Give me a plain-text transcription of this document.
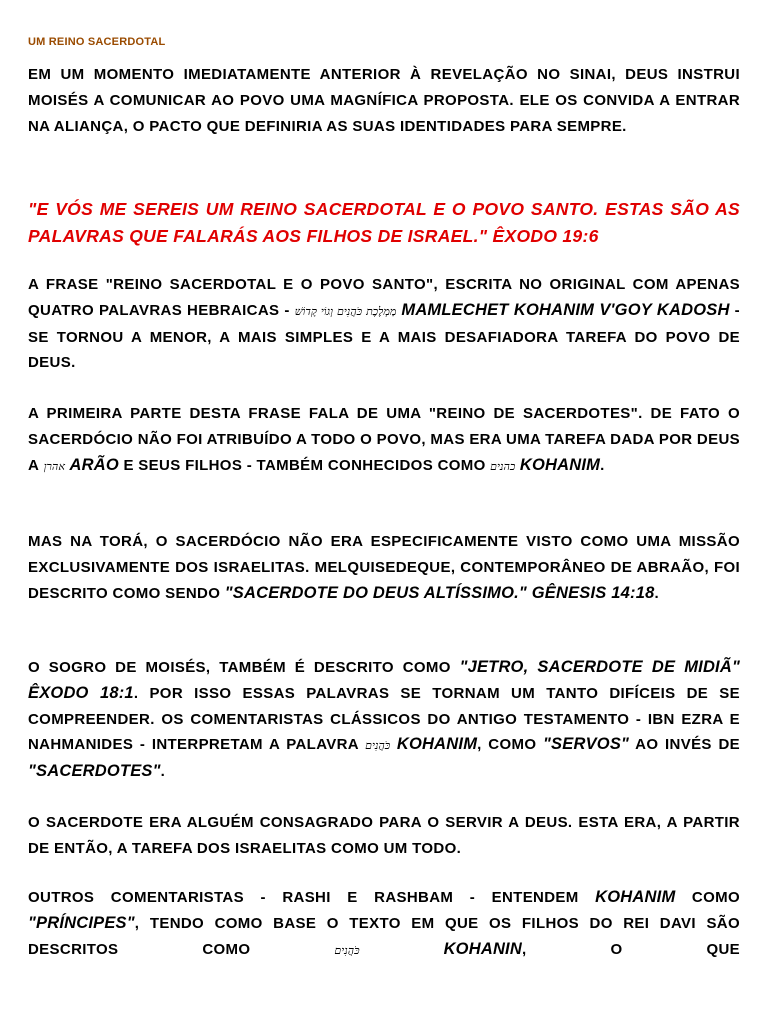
UM REINO SACERDOTAL

EM UM MOMENTO IMEDIATAMENTE ANTERIOR À REVELAÇÃO NO SINAI, DEUS INSTRUI MOISÉS A COMUNICAR AO POVO UMA MAGNÍFICA PROPOSTA. ELE OS CONVIDA A ENTRAR NA ALIANÇA, O PACTO QUE DEFINIRIA AS SUAS IDENTIDADES PARA SEMPRE.

"E VÓS ME SEREIS UM REINO SACERDOTAL E O POVO SANTO. ESTAS SÃO AS PALAVRAS QUE FALARÁS AOS FILHOS DE ISRAEL." ÊXODO 19:6

A FRASE "REINO SACERDOTAL E O POVO SANTO", ESCRITA NO ORIGINAL COM APENAS QUATRO PALAVRAS HEBRAICAS - מַמְלֶכֶת כֹּהֲנִים וְגוֹי קָדוֹשׁ MAMLECHET KOHANIM V'GOY KADOSH - SE TORNOU A MENOR, A MAIS SIMPLES E A MAIS DESAFIADORA TAREFA DO POVO DE DEUS.

A PRIMEIRA PARTE DESTA FRASE FALA DE UMA "REINO DE SACERDOTES". DE FATO O SACERDÓCIO NÃO FOI ATRIBUÍDO A TODO O POVO, MAS ERA UMA TAREFA DADA POR DEUS A אהרן ARÃO E SEUS FILHOS - TAMBÉM CONHECIDOS COMO כהנים KOHANIM.

MAS NA TORÁ, O SACERDÓCIO NÃO ERA ESPECIFICAMENTE VISTO COMO UMA MISSÃO EXCLUSIVAMENTE DOS ISRAELITAS. MELQUISEDEQUE, CONTEMPORÂNEO DE ABRAÃO, FOI DESCRITO COMO SENDO "SACERDOTE DO DEUS ALTÍSSIMO." GÊNESIS 14:18.

O SOGRO DE MOISÉS, TAMBÉM É DESCRITO COMO "JETRO, SACERDOTE DE MIDIÃ" ÊXODO 18:1. POR ISSO ESSAS PALAVRAS SE TORNAM UM TANTO DIFÍCEIS DE SE COMPREENDER. OS COMENTARISTAS CLÁSSICOS DO ANTIGO TESTAMENTO - IBN EZRA E NAHMANIDES - INTERPRETAM A PALAVRA כֹּהֲנִים KOHANIM, COMO "SERVOS" AO INVÉS DE "SACERDOTES".

O SACERDOTE ERA ALGUÉM CONSAGRADO PARA O SERVIR A DEUS. ESTA ERA, A PARTIR DE ENTÃO, A TAREFA DOS ISRAELITAS COMO UM TODO.

OUTROS COMENTARISTAS - RASHI E RASHBAM - ENTENDEM KOHANIM COMO "PRÍNCIPES", TENDO COMO BASE O TEXTO EM QUE OS FILHOS DO REI DAVI SÃO DESCRITOS COMO	כֹּהֲנִים	KOHANIN, O QUE
